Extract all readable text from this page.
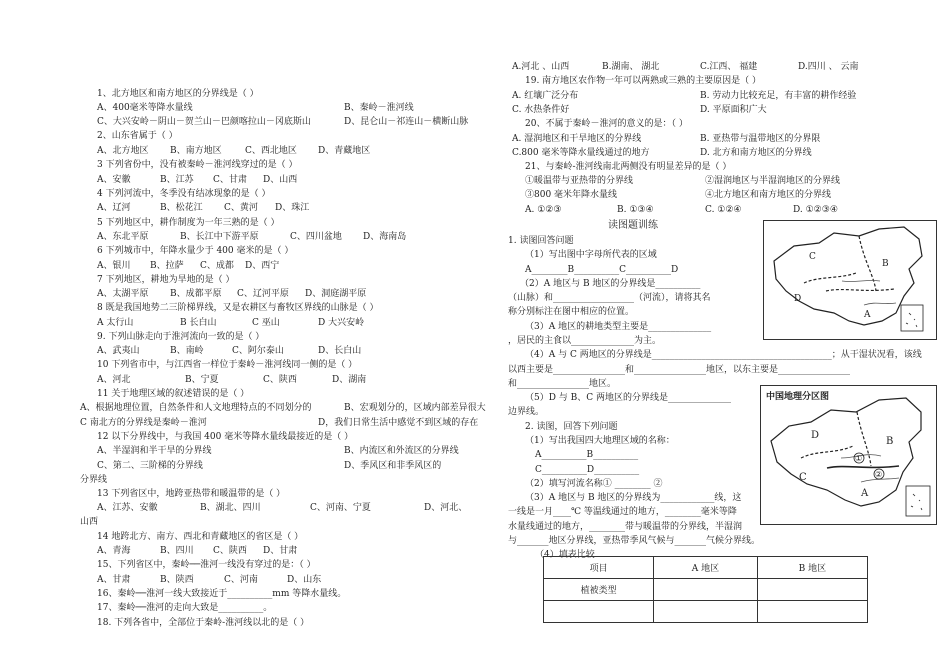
1、北方地区和南方地区的分界线是（ ）
A、400毫米等降水量线	B、秦岭－淮河线
C、大兴安岭－阴山－贺兰山－巴颜喀拉山－冈底斯山	D、昆仑山－祁连山－横断山脉
2、山东省属于（ ）
A、北方地区 B、南方地区	C、西北地区 D、青藏地区
3 下列省份中，没有被秦岭－淮河线穿过的是（ ）
A、安徽	B、江苏 C、甘肃 D、山西
4 下列河流中，冬季没有结冰现象的是（ ）
A、辽河	B、松花江 C、黄河 D、珠江
5 下列地区中，耕作制度为一年三熟的是（ ）
A、东北平原	B、长江中下游平原	C、四川盆地 D、海南岛
6 下列城市中，年降水量少于 400 毫米的是（ ）
A、银川 B、拉萨 C、成都 D、西宁
7 下列地区，耕地为旱地的是（ ）
A、太湖平原 B、成都平原 C、辽河平原 D、洞庭湖平原
8 既是我国地势二三阶梯界线，又是农耕区与畜牧区界线的山脉是（ ）
A 太行山	B 长白山	C 巫山	D 大兴安岭
9. 下列山脉走向于淮河流向一致的是（ ）
A、武夷山	B、南岭	C、阿尔泰山	D、长白山
10 下列省市中，与江西省一样位于秦岭－淮河线同一侧的是（ ）
A、河北	B、宁夏	C、陕西	D、湖南
11 关于地理区域的叙述错误的是（ ）
A、根据地理位置，自然条件和人文地理特点的不同划分的	B、宏观划分的，区域内部差异很大
C 南北方的分界线是秦岭－淮河	D，我们日常生活中感觉不到区域的存在
12 以下分界线中，与我国 400 毫米等降水量线最接近的是（ ）
A、半湿润和半干旱的分界线	B、内流区和外流区的分界线
C、第二、三阶梯的分界线	D、季风区和非季风区的
分界线
13 下列省区中，地跨亚热带和暖温带的是（ ）
A、江苏、安徽	B、湖北、四川	C、河南、宁夏	D、河北、
山西
14 地跨北方、南方、西北和青藏地区的省区是（ ）
A、青海	B、四川 C、陕西 D、甘肃
15、下列省区中，秦岭──淮河一线没有穿过的是：（ ）
A、甘肃	B、陕西	C、河南	D、山东
16、秦岭──淮河一线大致接近于__________mm 等降水量线。
17、秦岭──淮河的走向大致是__________。
18. 下列各省中，全部位于秦岭-淮河线以北的是（ ）
A.河北 、山西	B.湖南、 湖北	C.江西、 福建	D.四川 、 云南
19. 南方地区农作物一年可以两熟或三熟的主要原因是（ ）
A. 红壤广泛分布	B. 劳动力比较充足，有丰富的耕作经验
C. 水热条件好	D. 平原面积广大
20、不属于秦岭－淮河的意义的是：（ ）
A. 湿润地区和干旱地区的分界线	B. 亚热带与温带地区的分界限
C.800 毫米等降水量线通过的地方	D. 北方和南方地区的分界线
21、与秦岭-淮河线南北两侧没有明显差异的是（ ）
①暖温带与亚热带的分界线	②湿润地区与半湿润地区的分界线
③800 毫米年降水量线	④北方地区和南方地区的分界线
A. ①②③	B. ①③④	C. ①②④	D. ①②③④
读图题训练
1. 读图回答问题
（1）写出图中字母所代表的区域
A________B__________C__________D
（2）A 地区与 B 地区的分界线是__________
（山脉）和__________________（河流），请将其名
称分别标注在图中相应的位置。
（3）A 地区的耕地类型主要是______________
，居民的主食以______________为主。
（4）A 与 C 两地区的分界线是________________________________________；从干湿状况看，该线
以西主要是________________和________________地区，以东主要是________________
和________________地区。
（5）D 与 B、C 两地区的分界线是______________
边界线。
2. 读图，回答下列问题
（1）写出我国四大地理区域的名称：
A__________B__________
C__________D__________
（2）填写河流名称① ________ ②
（3）A 地区与 B 地区的分界线为____________线，这
一线是一月____℃ 等温线通过的地方，________毫米等降
水量线通过的地方，________带与暖温带的分界线，半湿润
与_______地区分界线，亚热带季风气候与_______气候分界线。
（4）填表比较
项目	A 地区	B 地区
植被类型		

C
D
A
B
中国地理分区图
①
②
D
C
A
B
